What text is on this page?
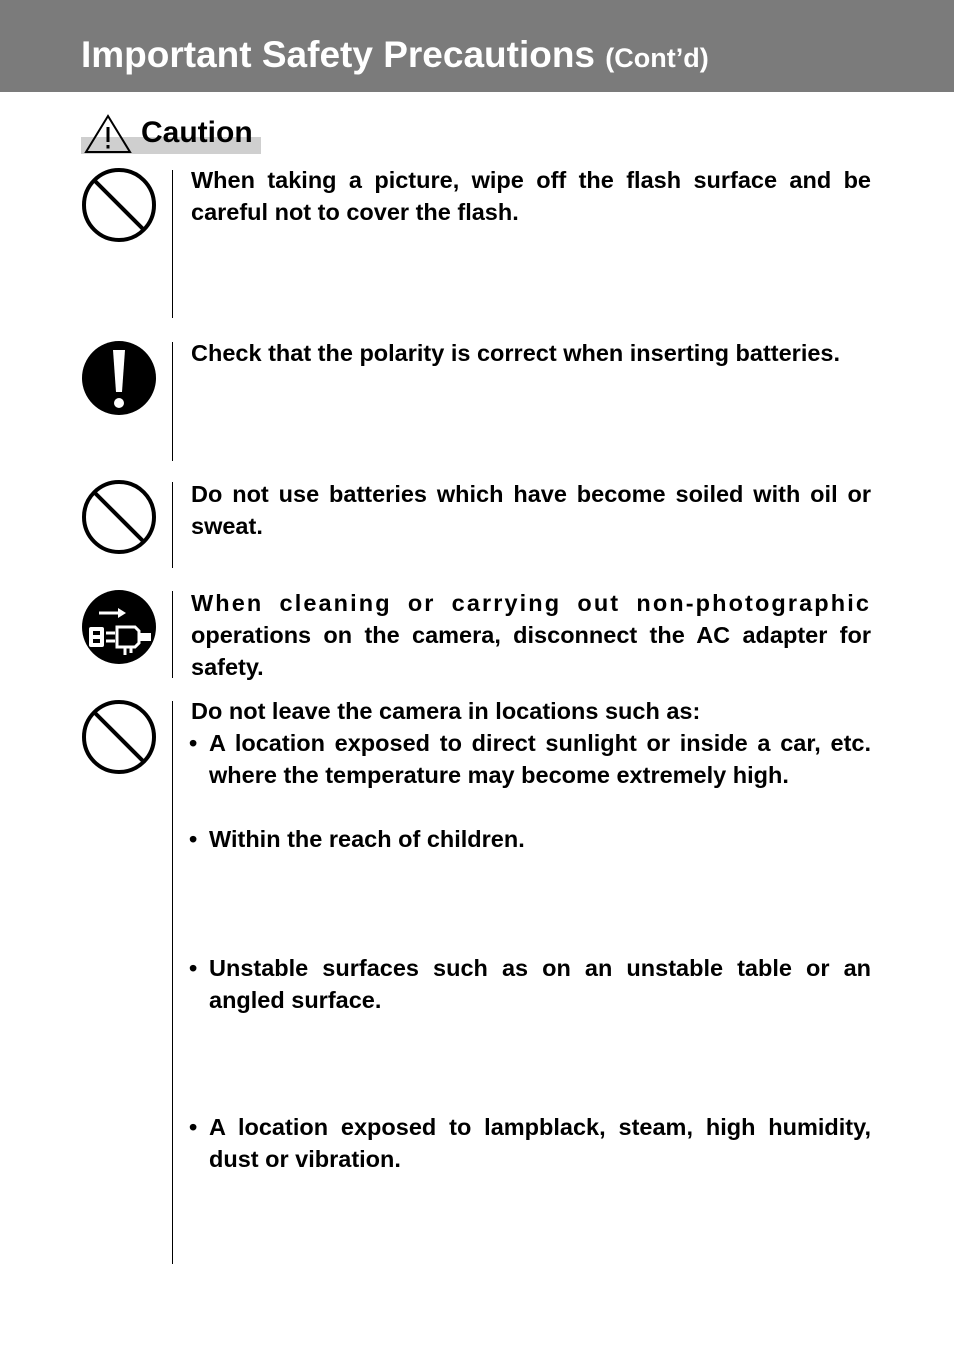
Important Safety Precautions (Cont’d)
Caution

When taking a picture, wipe off the flash surface and be careful not to cover the flash.

Check that the polarity is correct when inserting batteries.

Do not use batteries which have become soiled with oil or sweat.

When cleaning or carrying out non-photographic operations on the camera, disconnect the AC adapter for safety.

Do not leave the camera in locations such as:

• A location exposed to direct sunlight or inside a car, etc. where the temperature may become extremely high.

• Within the reach of children.

• Unstable surfaces such as on an unstable table or an angled surface.

• A location exposed to lampblack, steam, high humidity, dust or vibration.
